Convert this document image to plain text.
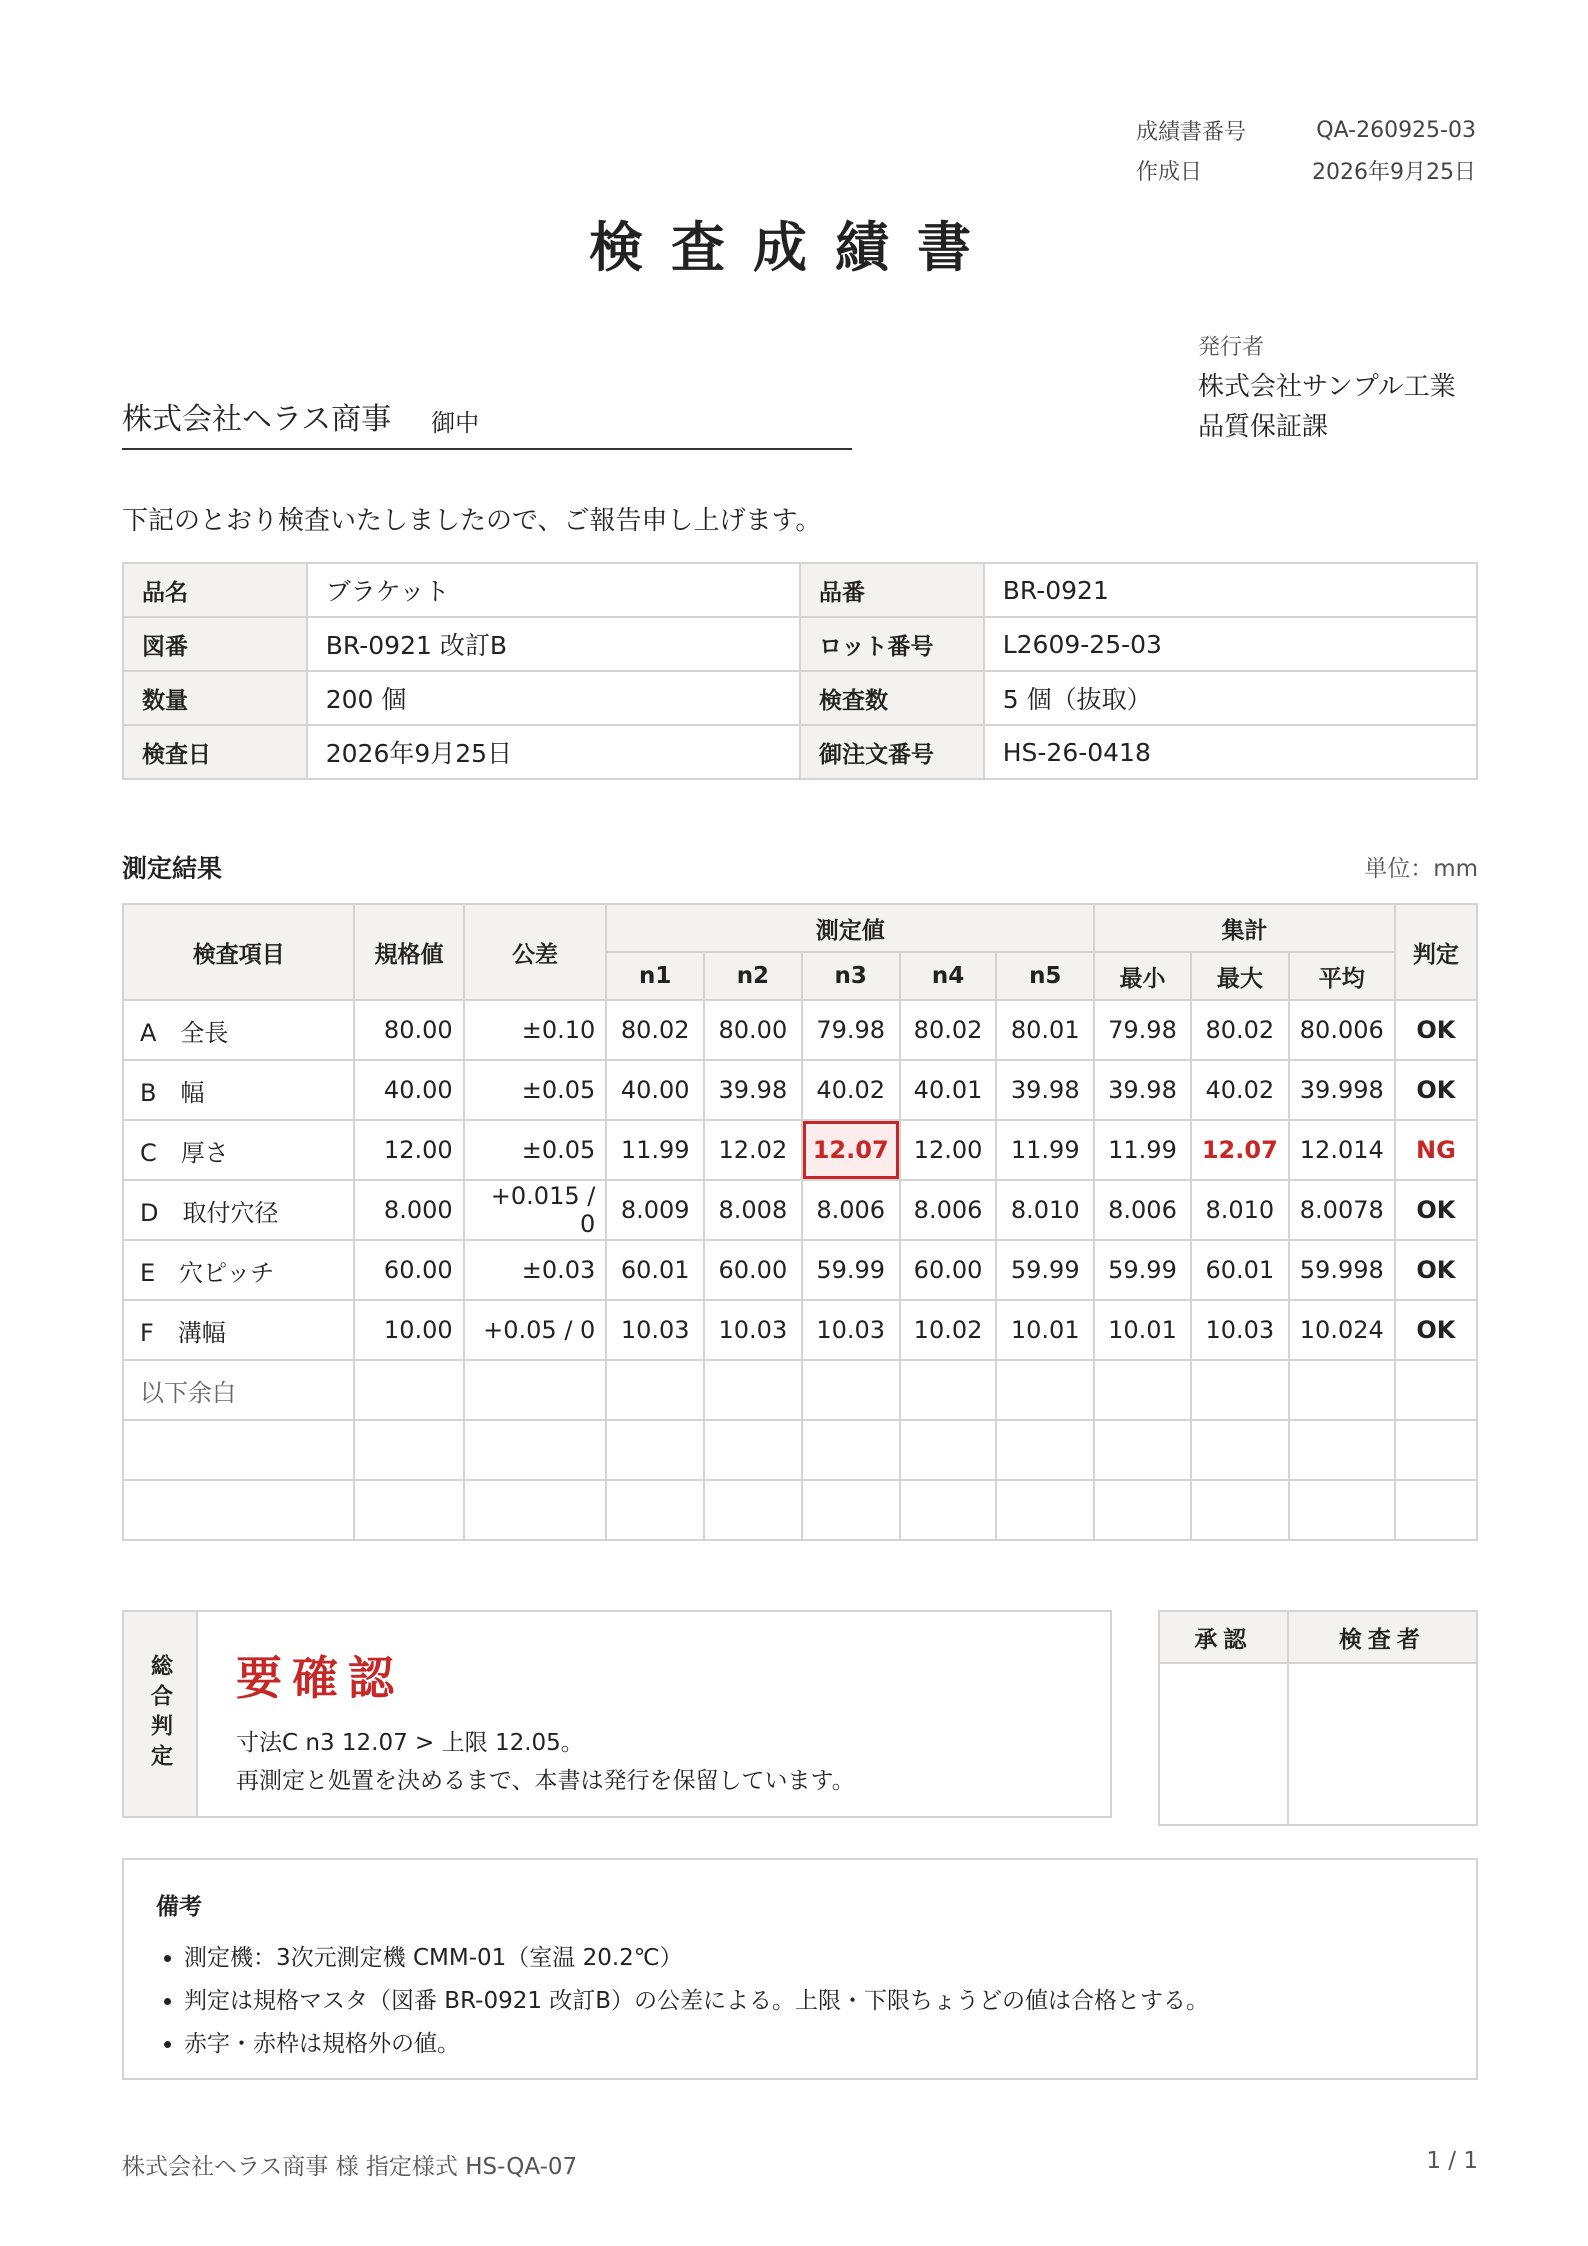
成績書番号	QA-260925-03
作成日	2026年9月25日
検査成績書
株式会社ヘラス商事 御中
発行者
株式会社サンプル工業
品質保証課
下記のとおり検査いたしましたので、ご報告申し上げます。
品名	ブラケット	品番	BR-0921
図番	BR-0921 改訂B	ロット番号	L2609-25-03
数量	200 個	検査数	5 個（抜取）
検査日	2026年9月25日	御注文番号	HS-26-0418
測定結果	単位：mm
検査項目	規格値	公差	測定値					集計			判定
			n1	n2	n3	n4	n5	最小	最大	平均	
A　全長	80.00	±0.10	80.02	80.00	79.98	80.02	80.01	79.98	80.02	80.006	OK
B　幅	40.00	±0.05	40.00	39.98	40.02	40.01	39.98	39.98	40.02	39.998	OK
C　厚さ	12.00	±0.05	11.99	12.02	12.07	12.00	11.99	11.99	12.07	12.014	NG
D　取付穴径	8.000	+0.015 / 0	8.009	8.008	8.006	8.006	8.010	8.006	8.010	8.0078	OK
E　穴ピッチ	60.00	±0.03	60.01	60.00	59.99	60.00	59.99	59.99	60.01	59.998	OK
F　溝幅	10.00	+0.05 / 0	10.03	10.03	10.03	10.02	10.01	10.01	10.03	10.024	OK
以下余白											

総合判定 要確認
寸法C n3 12.07 > 上限 12.05。
再測定と処置を決めるまで、本書は発行を保留しています。
承認	検査者

備考
• 測定機：3次元測定機 CMM-01（室温 20.2℃）
• 判定は規格マスタ（図番 BR-0921 改訂B）の公差による。上限・下限ちょうどの値は合格とする。
• 赤字・赤枠は規格外の値。
株式会社ヘラス商事 様 指定様式 HS-QA-07	1 / 1
